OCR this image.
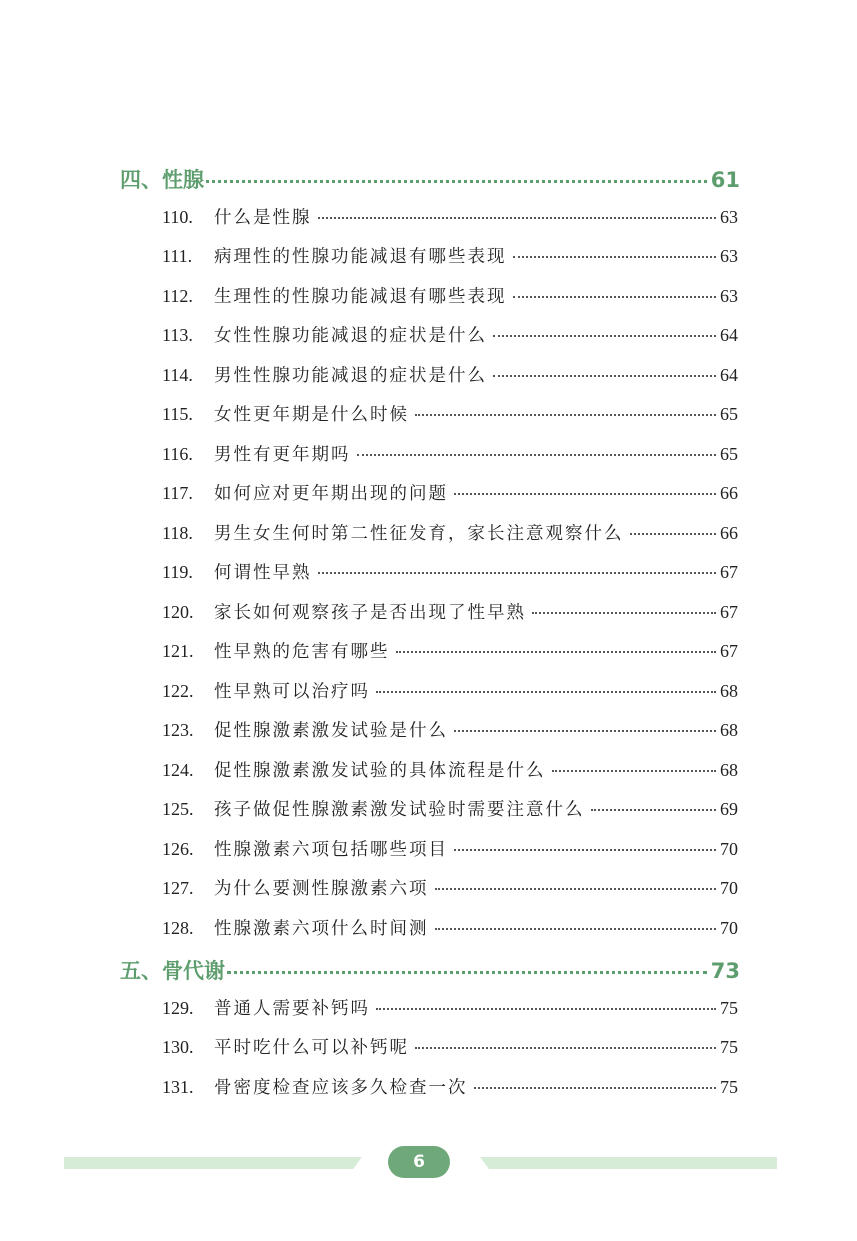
四、性腺	61
110.	什么是性腺	63
111.	病理性的性腺功能减退有哪些表现	63
112.	生理性的性腺功能减退有哪些表现	63
113.	女性性腺功能减退的症状是什么	64
114.	男性性腺功能减退的症状是什么	64
115.	女性更年期是什么时候	65
116.	男性有更年期吗	65
117.	如何应对更年期出现的问题	66
118.	男生女生何时第二性征发育，家长注意观察什么	66
119.	何谓性早熟	67
120.	家长如何观察孩子是否出现了性早熟	67
121.	性早熟的危害有哪些	67
122.	性早熟可以治疗吗	68
123.	促性腺激素激发试验是什么	68
124.	促性腺激素激发试验的具体流程是什么	68
125.	孩子做促性腺激素激发试验时需要注意什么	69
126.	性腺激素六项包括哪些项目	70
127.	为什么要测性腺激素六项	70
128.	性腺激素六项什么时间测	70
五、骨代谢	73
129.	普通人需要补钙吗	75
130.	平时吃什么可以补钙呢	75
131.	骨密度检查应该多久检查一次	75
6
